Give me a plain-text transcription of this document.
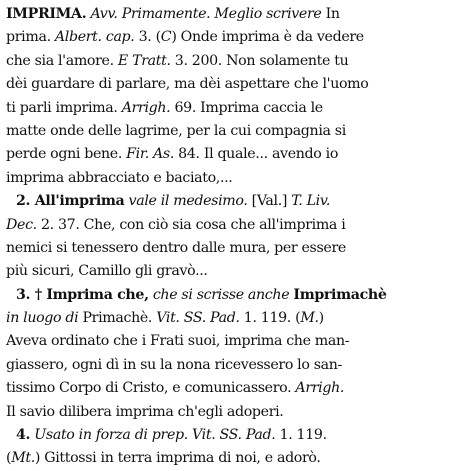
IMPRIMA. Avv. Primamente. Meglio scrivere In
prima. Albert. cap. 3. (C) Onde imprima è da vedere
che sia l'amore. E Tratt. 3. 200. Non solamente tu
dèi guardare di parlare, ma dèi aspettare che l'uomo
ti parli imprima. Arrigh. 69. Imprima caccia le
matte onde delle lagrime, per la cui compagnia si
perde ogni bene. Fir. As. 84. Il quale... avendo io
imprima abbracciato e baciato,...
2. All'imprima vale il medesimo. [Val.] T. Liv.
Dec. 2. 37. Che, con ciò sia cosa che all'imprima i
nemici si tenessero dentro dalle mura, per essere
più sicuri, Camillo gli gravò...
3. † Imprima che, che si scrisse anche Imprimachè
in luogo di Primachè. Vit. SS. Pad. 1. 119. (M.)
Aveva ordinato che i Frati suoi, imprima che man-
giassero, ogni dì in su la nona ricevessero lo san-
tissimo Corpo di Cristo, e comunicassero. Arrigh.
Il savio dilibera imprima ch'egli adoperi.
4. Usato in forza di prep. Vit. SS. Pad. 1. 119.
(Mt.) Gittossi in terra imprima di noi, e adorò.
